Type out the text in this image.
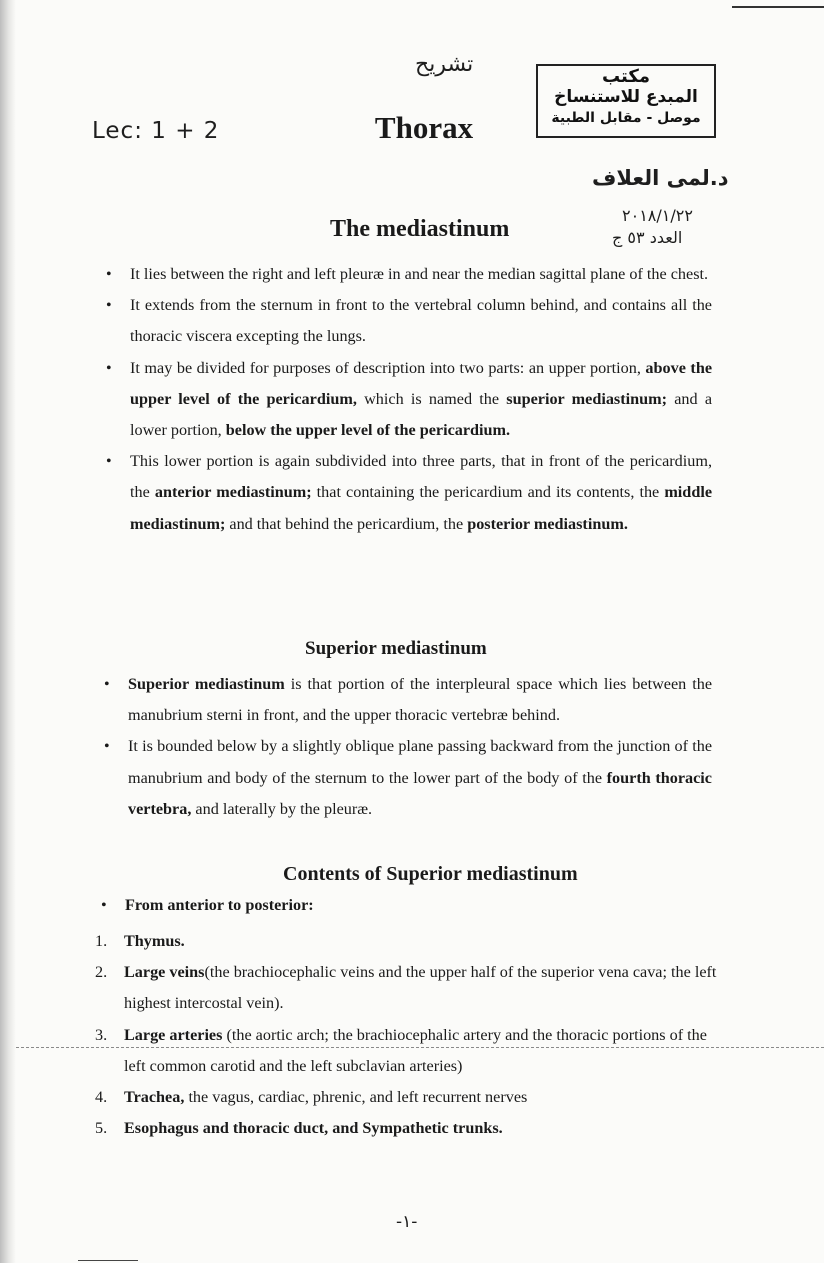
Lec: 1 + 2
تشريح	مكتب
المبدع للاستنساخ
موصل - مقابل الطبية
Thorax
د.لمى العلاف
٢٠١٨/١/٢٢
العدد ٥٣ ج
The mediastinum
• It lies between the right and left pleuræ in and near the median sagittal plane of the chest.
• It extends from the sternum in front to the vertebral column behind, and contains all the thoracic viscera excepting the lungs.
• It may be divided for purposes of description into two parts: an upper portion, above the upper level of the pericardium, which is named the superior mediastinum; and a lower portion, below the upper level of the pericardium.
• This lower portion is again subdivided into three parts, that in front of the pericardium, the anterior mediastinum; that containing the pericardium and its contents, the middle mediastinum; and that behind the pericardium, the posterior mediastinum.
Superior mediastinum
• Superior mediastinum is that portion of the interpleural space which lies between the manubrium sterni in front, and the upper thoracic vertebræ behind.
• It is bounded below by a slightly oblique plane passing backward from the junction of the manubrium and body of the sternum to the lower part of the body of the fourth thoracic vertebra, and laterally by the pleuræ.
Contents of Superior mediastinum
• From anterior to posterior:
1. Thymus.
2. Large veins(the brachiocephalic veins and the upper half of the superior vena cava; the left highest intercostal vein).
3. Large arteries (the aortic arch; the brachiocephalic artery and the thoracic portions of the left common carotid and the left subclavian arteries)
4. Trachea, the vagus, cardiac, phrenic, and left recurrent nerves
5. Esophagus and thoracic duct, and Sympathetic trunks.
-١-
